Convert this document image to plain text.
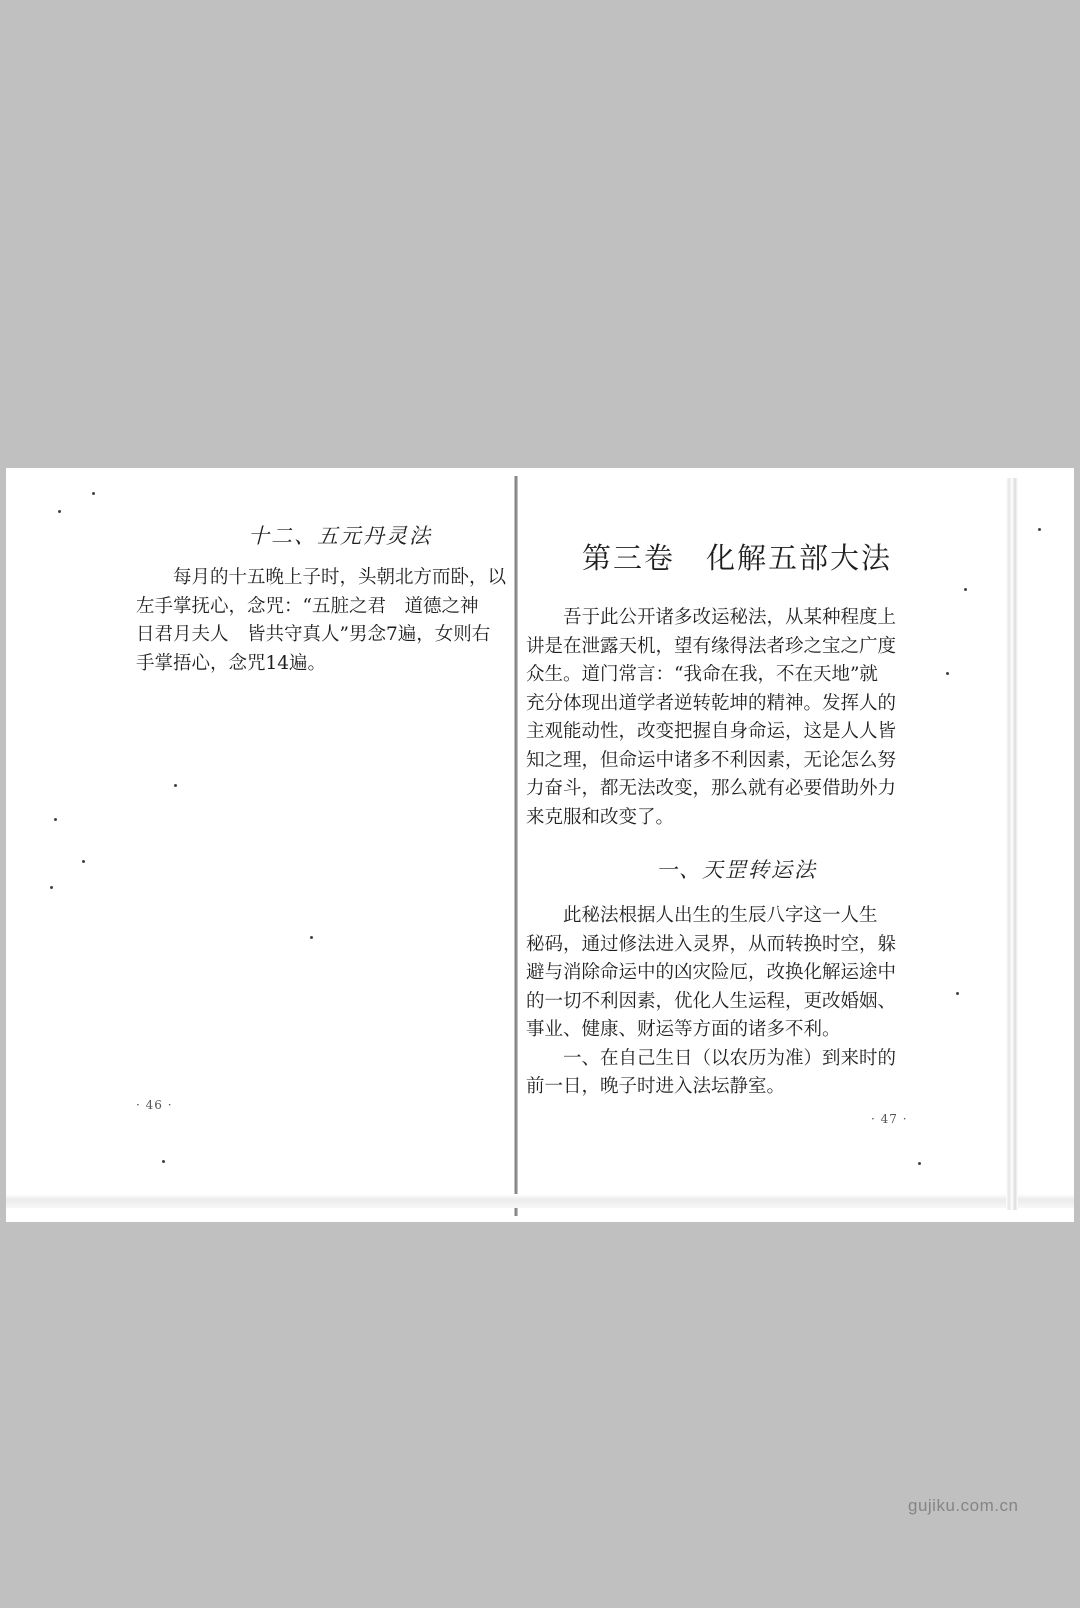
十二、五元丹灵法
每月的十五晚上子时，头朝北方而卧，以
左手掌抚心，念咒：“五脏之君　道德之神
日君月夫人　皆共守真人”男念7遍，女则右
手掌捂心，念咒14遍。
· 46 ·
第三卷　化解五部大法
吾于此公开诸多改运秘法，从某种程度上
讲是在泄露天机，望有缘得法者珍之宝之广度
众生。道门常言：“我命在我，不在天地”就
充分体现出道学者逆转乾坤的精神。发挥人的
主观能动性，改变把握自身命运，这是人人皆
知之理，但命运中诸多不利因素，无论怎么努
力奋斗，都无法改变，那么就有必要借助外力
来克服和改变了。
一、天罡转运法
此秘法根据人出生的生辰八字这一人生
秘码，通过修法进入灵界，从而转换时空，躲
避与消除命运中的凶灾险厄，改换化解运途中
的一切不利因素，优化人生运程，更改婚姻、
事业、健康、财运等方面的诸多不利。
一、在自己生日（以农历为准）到来时的
前一日，晚子时进入法坛静室。
· 47 ·
gujiku.com.cn
